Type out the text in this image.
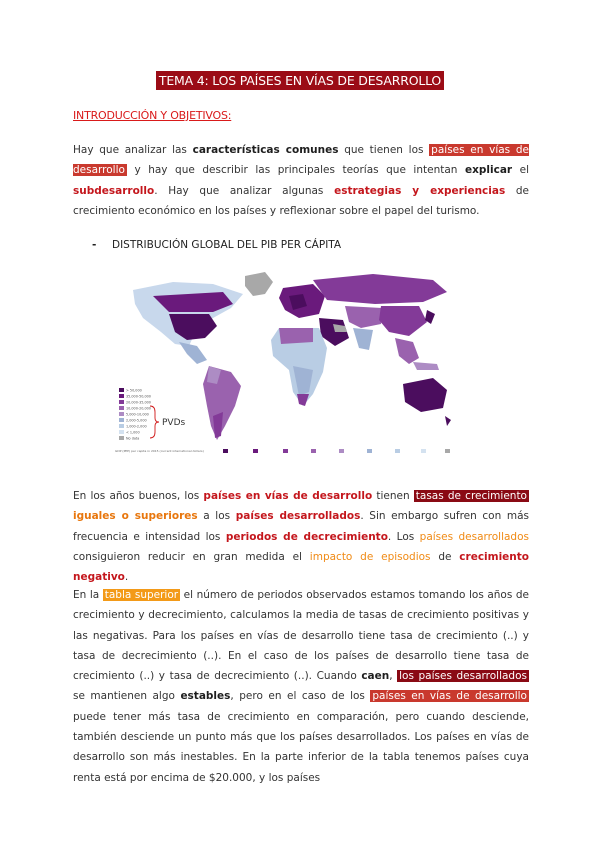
TEMA 4: LOS PAÍSES EN VÍAS DE DESARROLLO
INTRODUCCIÓN Y OBJETIVOS:
Hay que analizar las características comunes que tienen los países en vías de desarrollo y hay que describir las principales teorías que intentan explicar el subdesarrollo. Hay que analizar algunas estrategias y experiencias de crecimiento económico en los países y reflexionar sobre el papel del turismo.
- DISTRIBUCIÓN GLOBAL DEL PIB PER CÁPITA
> 50,000
35,000-50,000
20,000-35,000
10,000-20,000
5,000-10,000
2,000-5,000
1,000-2,000
< 1,000
No data
PVDs
GDP (PPP) per capita in 2015 (current international dollars)
En los años buenos, los países en vías de desarrollo tienen tasas de crecimiento iguales o superiores a los países desarrollados. Sin embargo sufren con más frecuencia e intensidad los periodos de decrecimiento. Los países desarrollados consiguieron reducir en gran medida el impacto de episodios de crecimiento negativo.
En la tabla superior el número de periodos observados estamos tomando los años de crecimiento y decrecimiento, calculamos la media de tasas de crecimiento positivas y las negativas. Para los países en vías de desarrollo tiene tasa de crecimiento (..) y tasa de decrecimiento (..). En el caso de los países de desarrollo tiene tasa de crecimiento (..) y tasa de decrecimiento (..). Cuando caen, los países desarrollados se mantienen algo estables, pero en el caso de los países en vías de desarrollo puede tener más tasa de crecimiento en comparación, pero cuando desciende, también desciende un punto más que los países desarrollados. Los países en vías de desarrollo son más inestables. En la parte inferior de la tabla tenemos países cuya renta está por encima de $20.000, y los países
